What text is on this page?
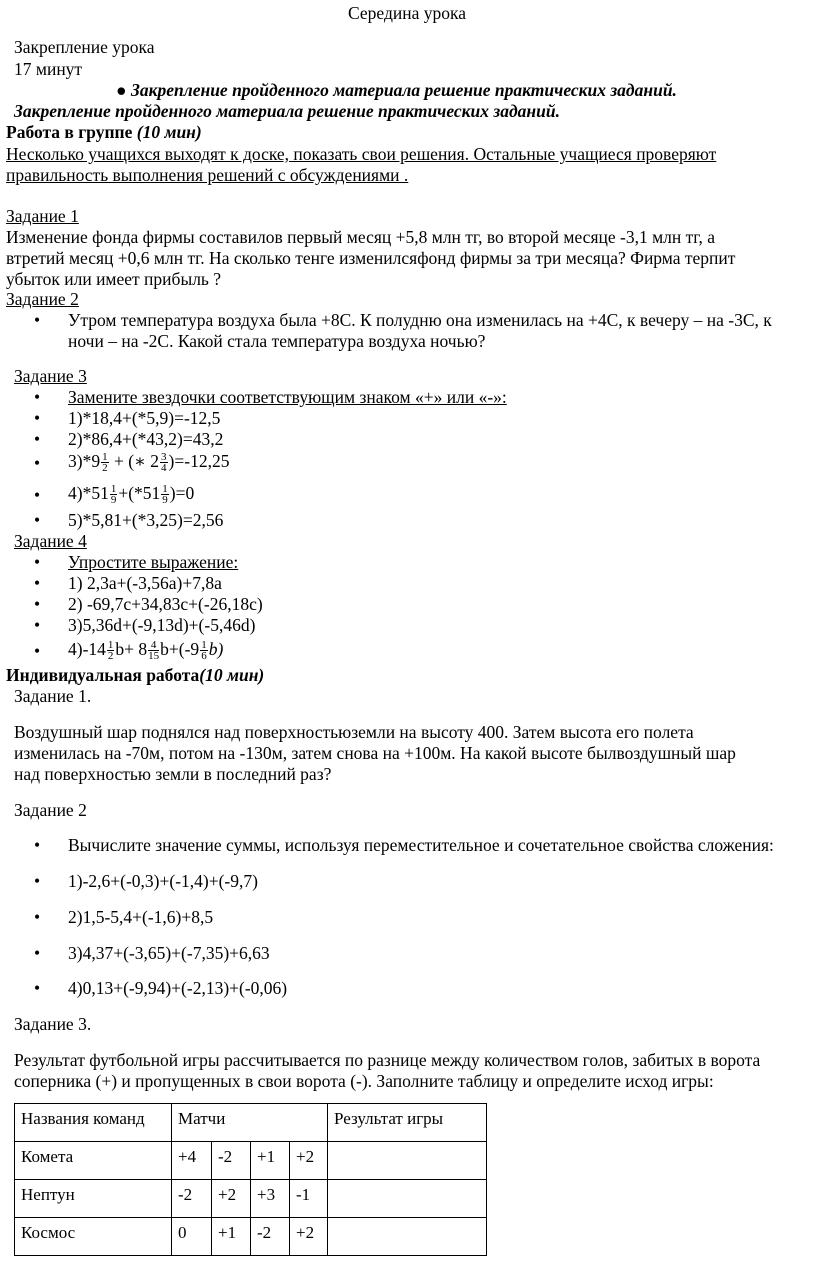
Середина урока
Закрепление урока
17 минут
● Закрепление пройденного материала решение практических заданий.
Закрепление пройденного материала решение практических заданий.
Работа в группе (10 мин)
Несколько учащихся выходят к доске, показать свои решения. Остальные учащиеся проверяют
правильность выполнения решений с обсуждениями .
Задание 1
Изменение фонда фирмы составилов первый месяц +5,8 млн тг, во второй месяце -3,1 млн тг, а
втретий месяц +0,6 млн тг. На сколько тенге изменилсяфонд фирмы за три месяца? Фирма терпит
убыток или имеет прибыль ?
Задание 2
• Утром температура воздуха была +8С. К полудню она изменилась на +4С, к вечеру – на -3С, к
ночи – на -2С. Какой стала температура воздуха ночью?
Задание 3
• Замените звездочки соответствующим знаком «+» или «-»:
• 1)*18,4+(*5,9)=-12,5
• 2)*86,4+(*43,2)=43,2
• $3)*9 \frac{1}{2}$ + (∗ $2 \frac{3}{4} )=-12,25$
• $4)*51 \frac{1}{9} +(*51 \frac{1}{9} )=0$
• 5)*5,81+(*3,25)=2,56
Задание 4
• Упростите выражение:
• 1) 2,3а+(-3,56а)+7,8а
• 2) -69,7с+34,83с+(-26,18с)
• 3)5,36d+(-9,13d)+(-5,46d)
• $4)-14 \frac{1}{2} b+ 8 \frac{4}{15} b+(-9 \frac{1}{6} b)$
Индивидуальная работа(10 мин)
Задание 1.
Воздушный шар поднялся над поверхностьюземли на высоту 400. Затем высота его полета
изменилась на -70м, потом на -130м, затем снова на +100м. На какой высоте былвоздушный шар
над поверхностью земли в последний раз?
Задание 2
• Вычислите значение суммы, используя переместительное и сочетательное свойства сложения:
• 1)-2,6+(-0,3)+(-1,4)+(-9,7)
• 2)1,5-5,4+(-1,6)+8,5
• 3)4,37+(-3,65)+(-7,35)+6,63
• 4)0,13+(-9,94)+(-2,13)+(-0,06)
Задание 3.
Результат футбольной игры рассчитывается по разнице между количеством голов, забитых в ворота
соперника (+) и пропущенных в свои ворота (-). Заполните таблицу и определите исход игры:
Названия команд	Матчи				Результат игры
Комета	+4	-2	+1	+2	
Нептун	-2	+2	+3	-1	
Космос	0	+1	-2	+2	
